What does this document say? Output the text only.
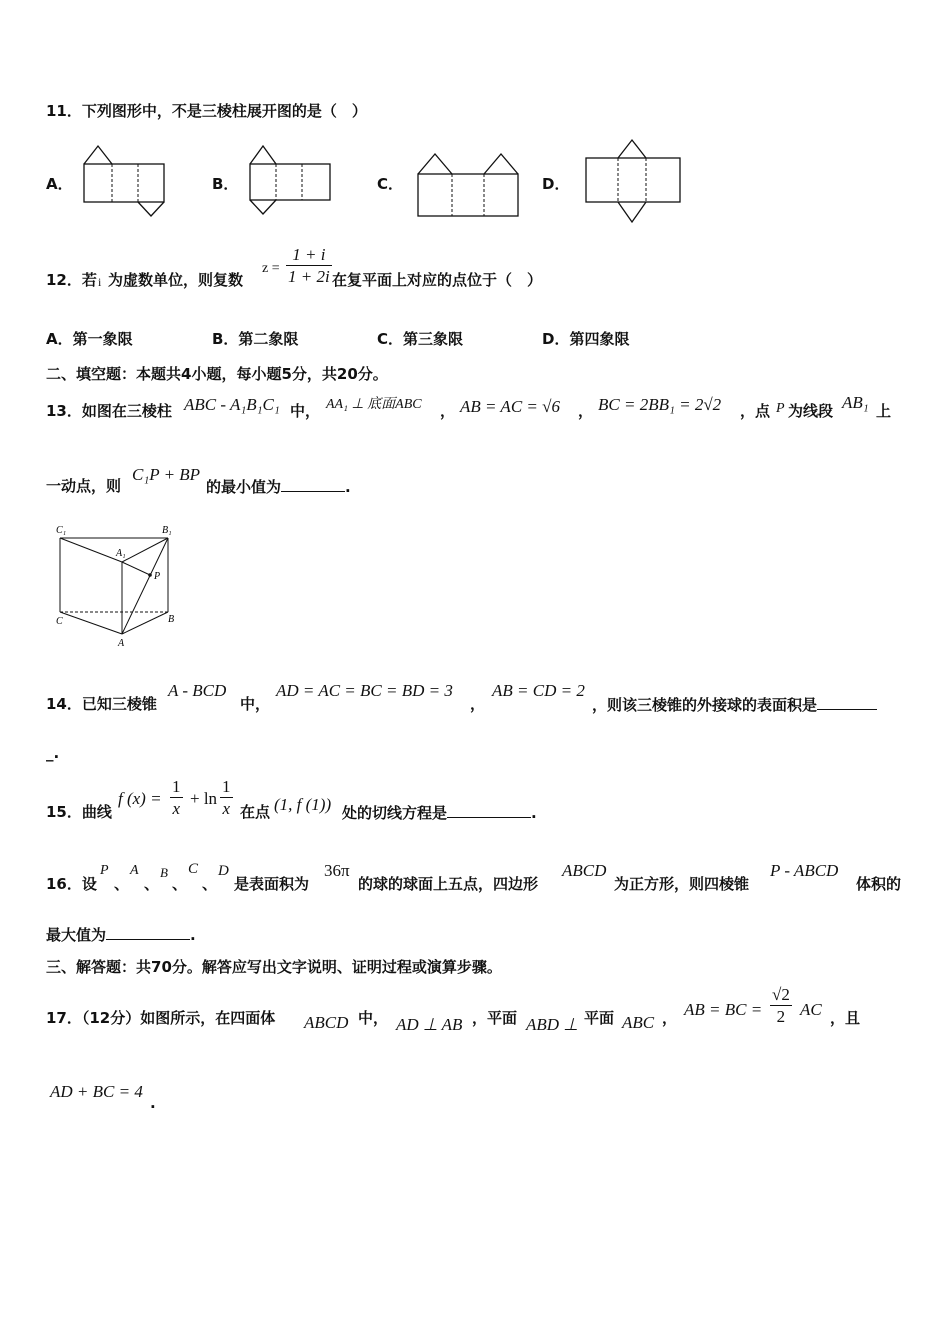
11．下列图形中，不是三棱柱展开图的是（　）
A．	B．	C．	D．
12．若 i 为虚数单位，则复数
z =
1 + i
1 + 2i 在复平面上对应的点位于（　）
A．第一象限	B．第二象限	C．第三象限	D．第四象限
二、填空题：本题共4小题，每小题5分，共20分。
13．如图在三棱柱 ABC - A₁B₁C₁ 中， AA₁ ⊥ 底面ABC ， AB = AC = √6 ， BC = 2BB₁ = 2√2 ，点 P 为线段 AB₁ 上
一动点，则
C₁P + BP
的最小值为	.
C₁	B₁
A₁
P
C	B
A
14．已知三棱锥
A - BCD
中，
AD = AC = BC = BD = 3
，
AB = CD = 2
，则该三棱锥的外接球的表面积是
_.
15．曲线
f (x) =
1
x
+ ln
1
x 在点 (1, f (1)) 处的切线方程是	.
16．设
P
、
A
、
B
、
C
、
D
是表面积为
36π
的球的球面上五点，四边形
ABCD
为正方形，则四棱锥
P - ABCD
体积的
最大值为	.
三、解答题：共70分。解答应写出文字说明、证明过程或演算步骤。
17．（12分）如图所示，在四面体 ABCD 中， AD ⊥ AB ，平面 ABD ⊥ 平面 ABC ， AB = BC =
√2
2 AC ，且
AD + BC = 4
.
